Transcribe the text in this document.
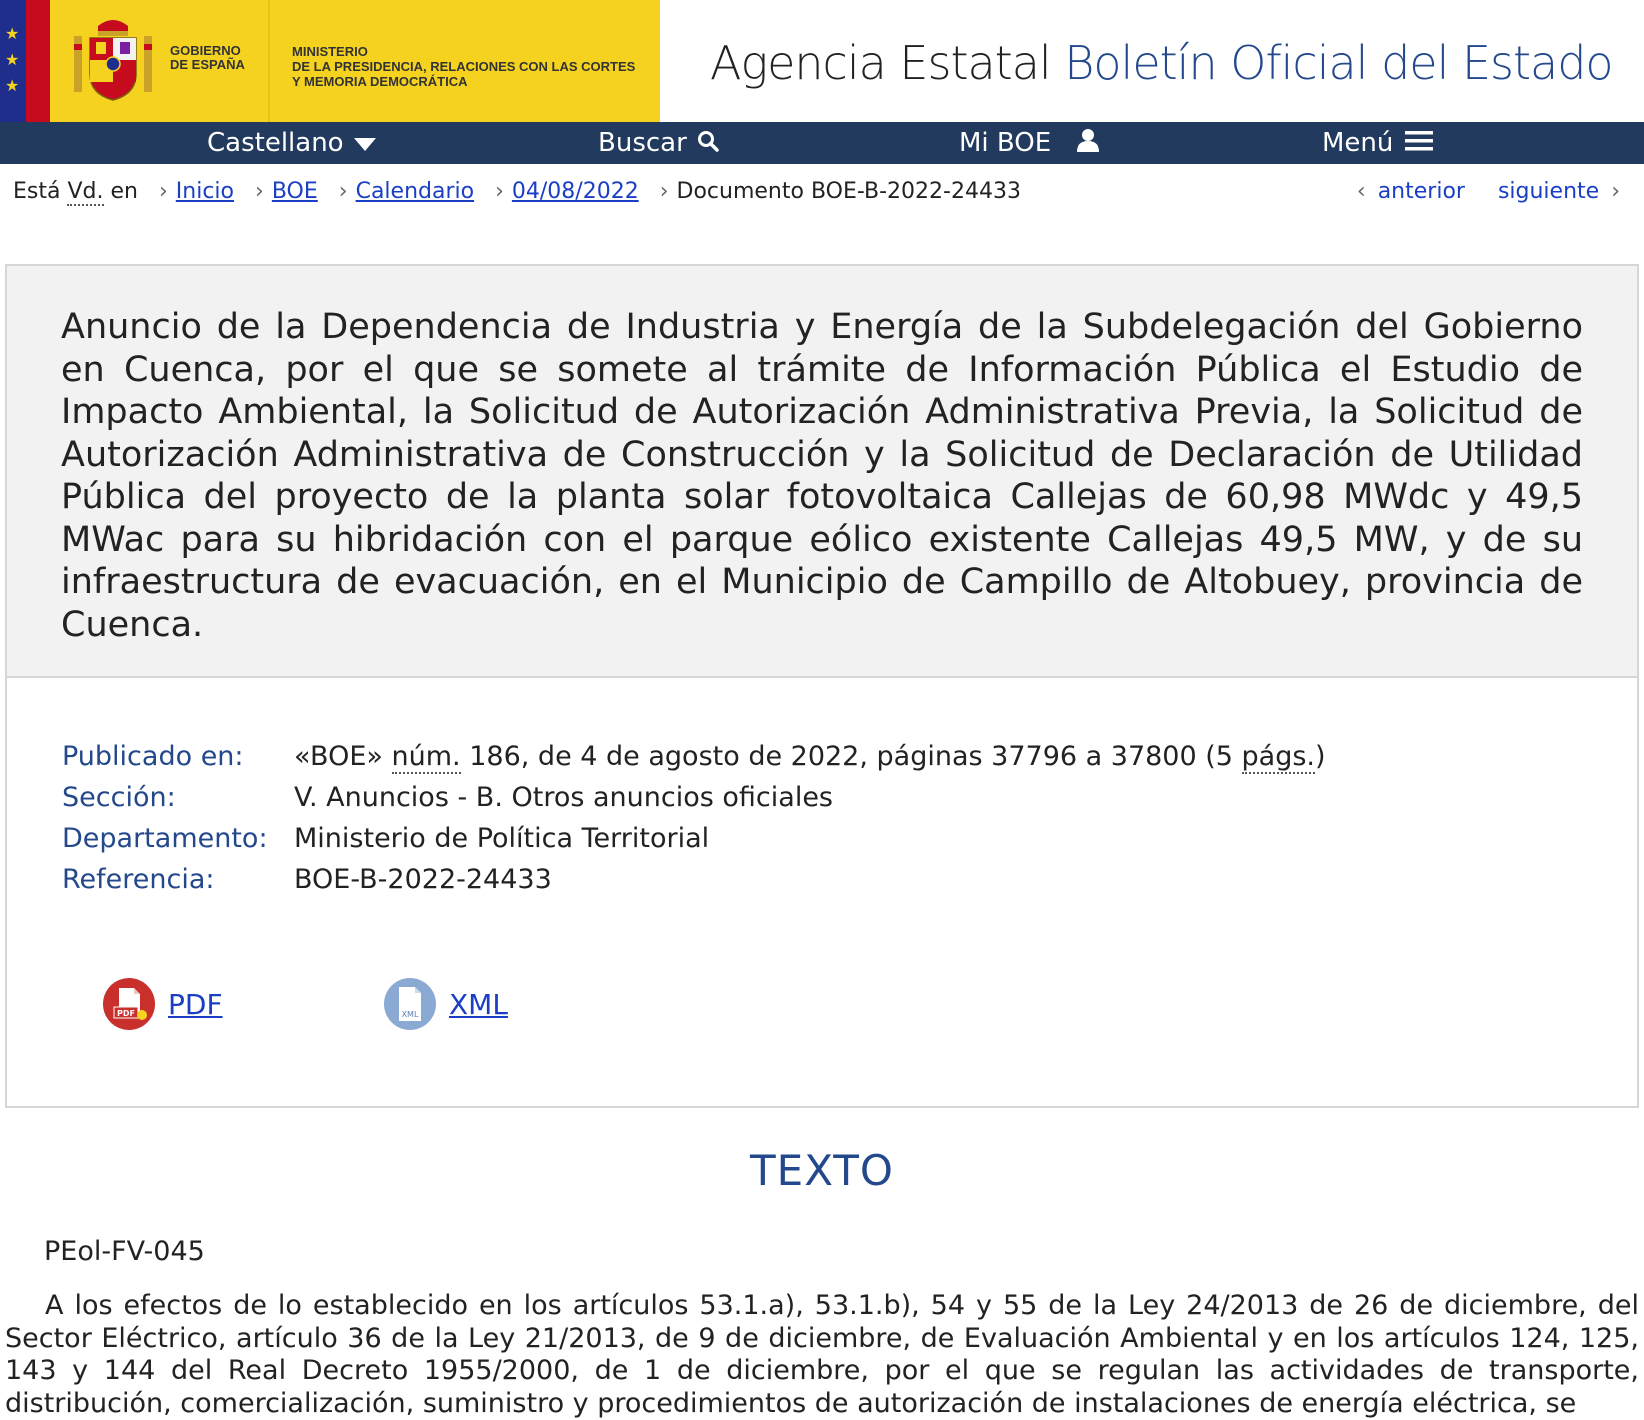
★
★
★
GOBIERNO
DE ESPAÑA
MINISTERIO
DE LA PRESIDENCIA, RELACIONES CON LAS CORTES
Y MEMORIA DEMOCRÁTICA	Agencia Estatal Boletín Oficial del Estado
Castellano	Buscar	Mi BOE	Menú
Está Vd. en › Inicio › BOE › Calendario › 04/08/2022 › Documento BOE-B-2022-24433	‹ anterior siguiente ›
Anuncio de la Dependencia de Industria y Energía de la Subdelegación del Gobierno en Cuenca, por el que se somete al trámite de Información Pública el Estudio de Impacto Ambiental, la Solicitud de Autorización Administrativa Previa, la Solicitud de Autorización Administrativa de Construcción y la Solicitud de Declaración de Utilidad Pública del proyecto de la planta solar fotovoltaica Callejas de 60,98 MWdc y 49,5 MWac para su hibridación con el parque eólico existente Callejas 49,5 MW, y de su infraestructura de evacuación, en el Municipio de Campillo de Altobuey, provincia de Cuenca.
Publicado en: «BOE» núm. 186, de 4 de agosto de 2022, páginas 37796 a 37800 (5 págs.)
Sección:	V. Anuncios - B. Otros anuncios oficiales
Departamento: Ministerio de Política Territorial
Referencia:	BOE-B-2022-24433
PDF PDF	XML XML
TEXTO
PEol-FV-045

A los efectos de lo establecido en los artículos 53.1.a), 53.1.b), 54 y 55 de la Ley 24/2013 de 26 de diciembre, del Sector Eléctrico, artículo 36 de la Ley 21/2013, de 9 de diciembre, de Evaluación Ambiental y en los artículos 124, 125, 143 y 144 del Real Decreto 1955/2000, de 1 de diciembre, por el que se regulan las actividades de transporte, distribución, comercialización, suministro y procedimientos de autorización de instalaciones de energía eléctrica, se
